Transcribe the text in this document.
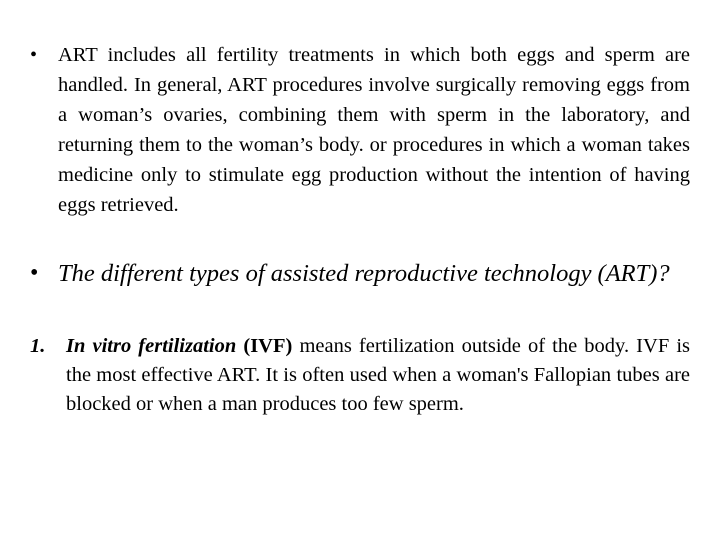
• ART includes all fertility treatments in which both eggs and sperm are handled. In general, ART procedures involve surgically removing eggs from a woman’s ovaries, combining them with sperm in the laboratory, and returning them to the woman’s body. or procedures in which a woman takes medicine only to stimulate egg production without the intention of having eggs retrieved.
• The different types of assisted reproductive technology (ART)?
1. In vitro fertilization (IVF) means fertilization outside of the body. IVF is the most effective ART. It is often used when a woman's Fallopian tubes are blocked or when a man produces too few sperm.
